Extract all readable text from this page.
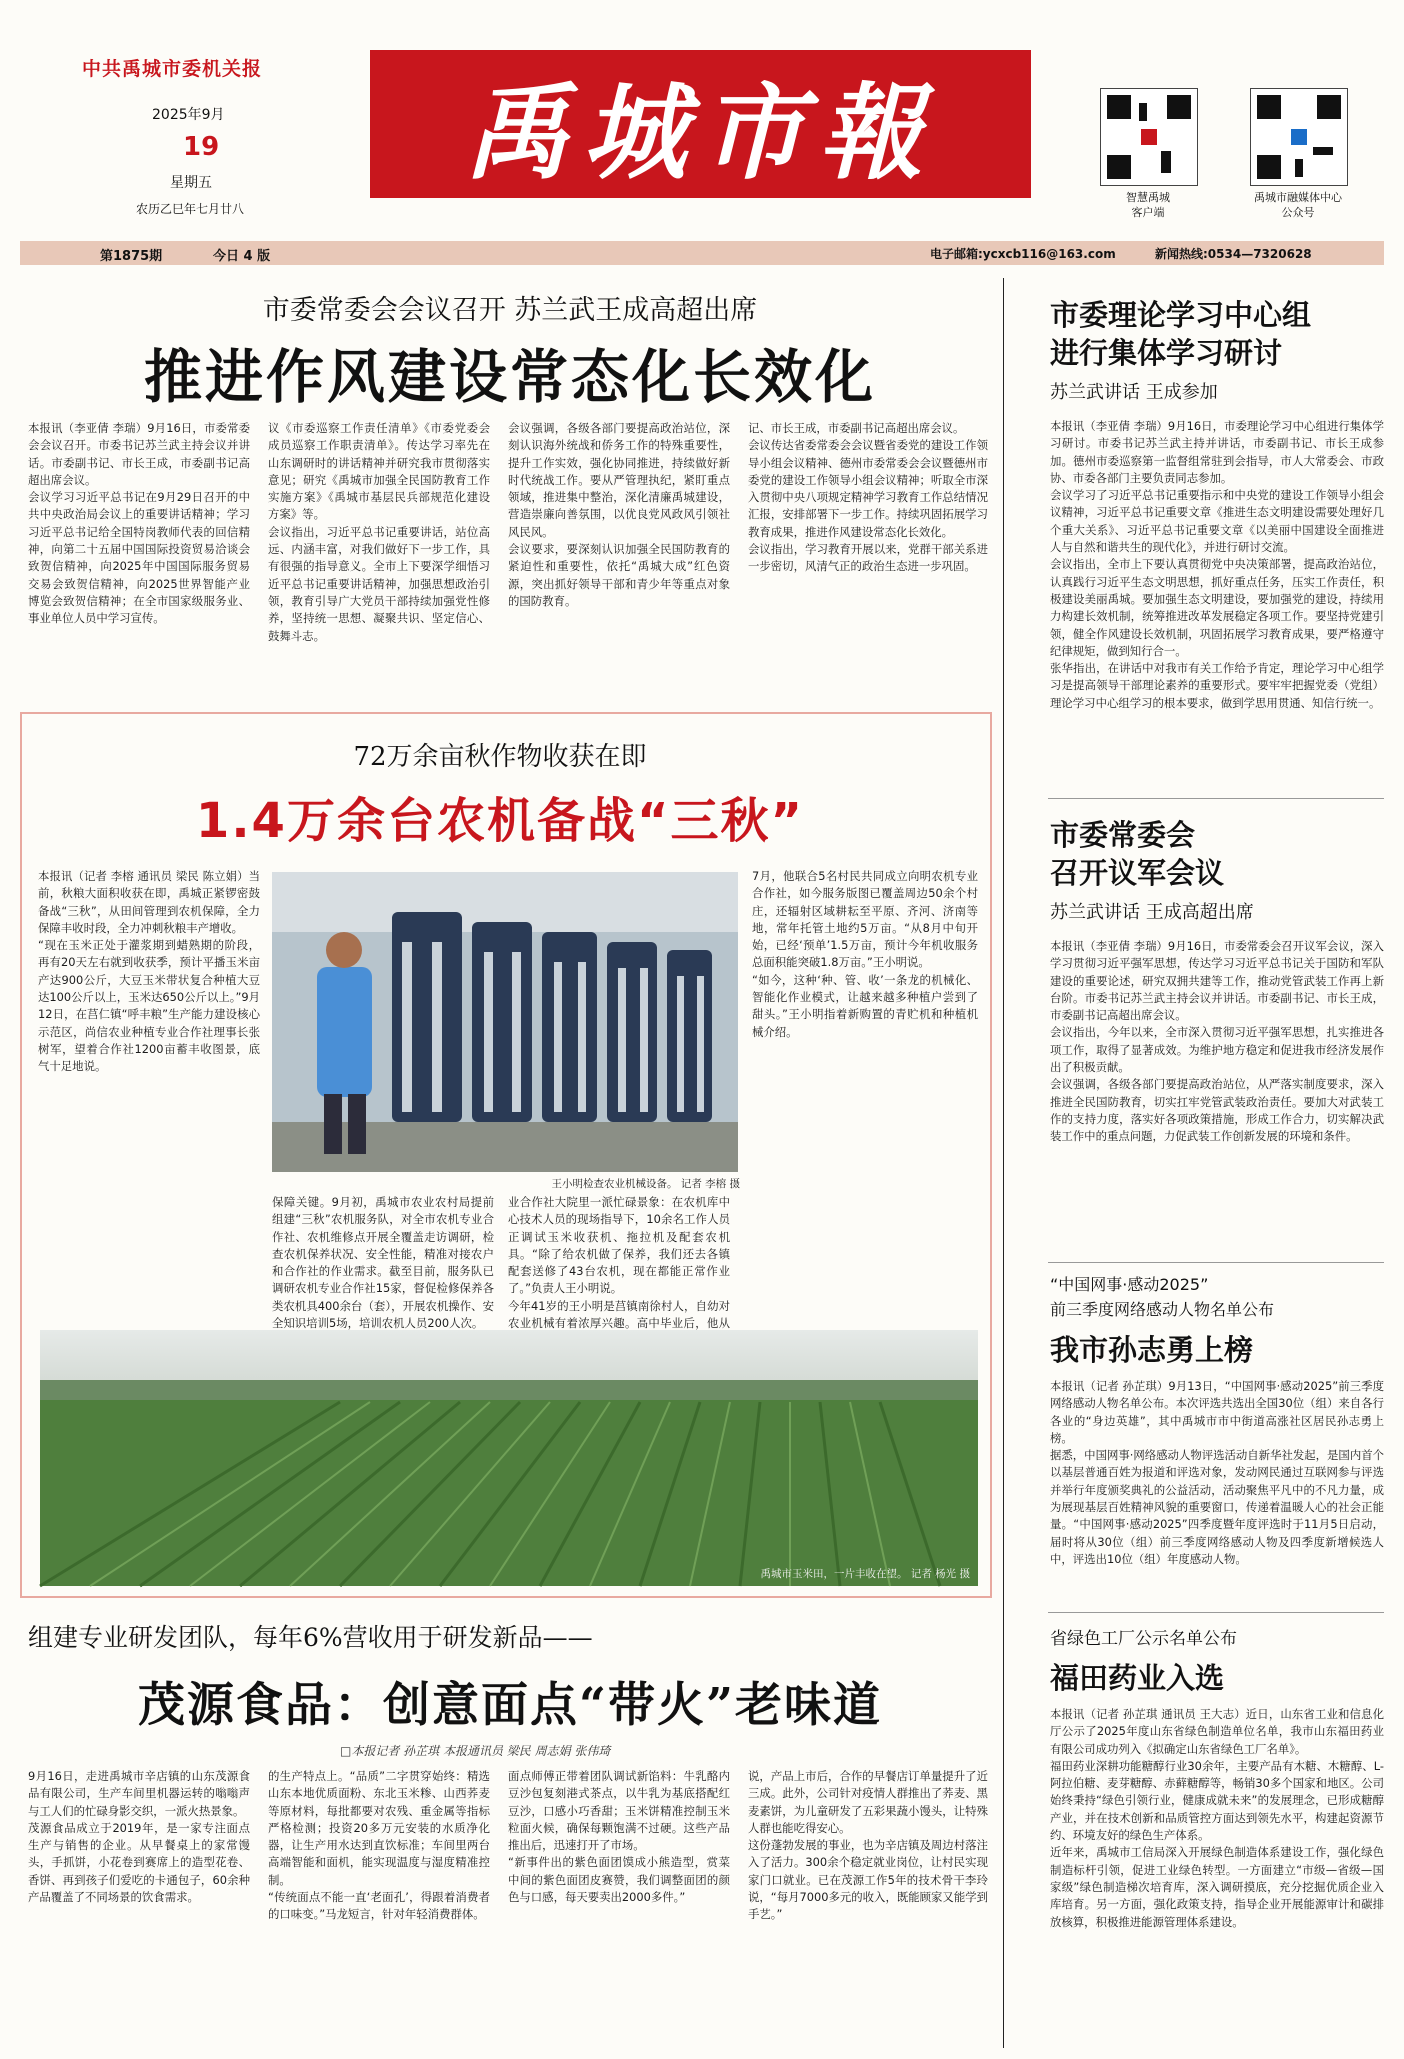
中共禹城市委机关报
2025年9月
19
星期五
农历乙巳年七月廿八
禹城市報
智慧禹城
客户端
禹城市融媒体中心
公众号
第1875期	今日 4 版	电子邮箱:ycxcb116@163.com	新闻热线:0534—7320628
市委常委会会议召开 苏兰武王成高超出席
推进作风建设常态化长效化
本报讯（李亚倩 李瑞）9月16日，市委常委会会议召开。市委书记苏兰武主持会议并讲话。市委副书记、市长王成，市委副书记高超出席会议。
会议学习习近平总书记在9月29日召开的中共中央政治局会议上的重要讲话精神；学习习近平总书记给全国特岗教师代表的回信精神，向第二十五届中国国际投资贸易洽谈会致贺信精神，向2025年中国国际服务贸易交易会致贺信精神，向2025世界智能产业博览会致贺信精神；在全市国家级服务业、事业单位人员中学习宣传。
议《市委巡察工作责任清单》《市委党委会成员巡察工作职责清单》。传达学习率先在山东调研时的讲话精神并研究我市贯彻落实意见；研究《禹城市加强全民国防教育工作实施方案》《禹城市基层民兵部规范化建设方案》等。
会议指出，习近平总书记重要讲话，站位高远、内涵丰富，对我们做好下一步工作，具有很强的指导意义。全市上下要深学细悟习近平总书记重要讲话精神，加强思想政治引领，教育引导广大党员干部持续加强党性修养，坚持统一思想、凝聚共识、坚定信心、鼓舞斗志。
会议强调，各级各部门要提高政治站位，深刻认识海外统战和侨务工作的特殊重要性，提升工作实效，强化协同推进，持续做好新时代统战工作。要从严管理执纪，紧盯重点领域，推进集中整治，深化清廉禹城建设，营造崇廉向善氛围，以优良党风政风引领社风民风。
会议要求，要深刻认识加强全民国防教育的紧迫性和重要性，依托“禹城大成”红色资源，突出抓好领导干部和青少年等重点对象的国防教育。
记、市长王成，市委副书记高超出席会议。
会议传达省委常委会会议暨省委党的建设工作领导小组会议精神、德州市委常委会会议暨德州市委党的建设工作领导小组会议精神；听取全市深入贯彻中央八项规定精神学习教育工作总结情况汇报，安排部署下一步工作。持续巩固拓展学习教育成果，推进作风建设常态化长效化。
会议指出，学习教育开展以来，党群干部关系进一步密切，风清气正的政治生态进一步巩固。
72万余亩秋作物收获在即
1.4万余台农机备战“三秋”
本报讯（记者 李榕 通讯员 梁民 陈立娟）当前，秋粮大面积收获在即，禹城正紧锣密鼓备战“三秋”，从田间管理到农机保障，全力保障丰收时段，全力冲刺秋粮丰产增收。
“现在玉米正处于灌浆期到蜡熟期的阶段，再有20天左右就到收获季，预计平播玉米亩产达900公斤，大豆玉米带状复合种植大豆达100公斤以上，玉米达650公斤以上。”9月12日，在莒仁镇“呼丰粮”生产能力建设核心示范区，尚信农业种植专业合作社理事长张树军，望着合作社1200亩蓄丰收图景，底气十足地说。
王小明检查农业机械设备。 记者 李榕 摄
保障关键。9月初，禹城市农业农村局提前组建“三秋”农机服务队，对全市农机专业合作社、农机维修点开展全覆盖走访调研，检查农机保养状况、安全性能，精准对接农户和合作社的作业需求。截至目前，服务队已调研农机专业合作社15家，督促检修保养各类农机具400余台（套），开展农机操作、安全知识培训5场，培训农机人员200人次。

业合作社大院里一派忙碌景象：在农机库中心技术人员的现场指导下，10余名工作人员正调试玉米收获机、拖拉机及配套农机具。“除了给农机做了保养，我们还去各镇配套送修了43台农机，现在都能正常作业了。”负责人王小明说。
今年41岁的王小明是莒镇南徐村人，自幼对农业机械有着浓厚兴趣。高中毕业后，他从
7月，他联合5名村民共同成立向明农机专业合作社，如今服务版图已覆盖周边50余个村庄，还辐射区域耕耘至平原、齐河、济南等地，常年托管土地约5万亩。“从8月中旬开始，已经‘预单’1.5万亩，预计今年机收服务总面积能突破1.8万亩。”王小明说。
“如今，这种‘种、管、收’一条龙的机械化、智能化作业模式，让越来越多种植户尝到了甜头。”王小明指着新购置的青贮机和种植机械介绍。
禹城市玉米田，一片丰收在望。 记者 杨光 摄
组建专业研发团队，每年6%营收用于研发新品——
茂源食品：创意面点“带火”老味道
□本报记者 孙芷琪 本报通讯员 梁民 周志娟 张伟琦
9月16日，走进禹城市辛店镇的山东茂源食品有限公司，生产车间里机器运转的嗡嗡声与工人们的忙碌身影交织，一派火热景象。
茂源食品成立于2019年，是一家专注面点生产与销售的企业。从早餐桌上的家常馒头，手抓饼，小花卷到赛席上的造型花卷、香饼、再到孩子们爱吃的卡通包子，60余种产品覆盖了不同场景的饮食需求。
的生产特点上。“品质”二字贯穿始终：精选山东本地优质面粉、东北玉米糁、山西荞麦等原材料，每批都要对农残、重金属等指标严格检测；投资20多万元安装的水质净化器，让生产用水达到直饮标准；车间里两台高端智能和面机，能实现温度与湿度精准控制。
“传统面点不能一直‘老面孔’，得跟着消费者的口味变。”马龙短言，针对年轻消费群体。
面点师傅正带着团队调试新馅料：牛乳酪内豆沙包复刻港式茶点，以牛乳为基底搭配红豆沙，口感小巧香甜；玉米饼精准控制玉米粒面火候，确保每颗饱满不过硬。这些产品推出后，迅速打开了市场。
“新事件出的紫色面团馍成小熊造型，赏菜中间的紫色面团皮赛赞，我们调整面团的颜色与口感，每天要卖出2000多件。”
说，产品上市后，合作的早餐店订单量提升了近三成。此外，公司针对疫情人群推出了荞麦、黑麦素饼，为儿童研发了五彩果蔬小馒头，让特殊人群也能吃得安心。
这份蓬勃发展的事业，也为辛店镇及周边村落注入了活力。300余个稳定就业岗位，让村民实现家门口就业。已在茂源工作5年的技术骨干李玲说，“每月7000多元的收入，既能顾家又能学到手艺。”
市委理论学习中心组
进行集体学习研讨
苏兰武讲话 王成参加
本报讯（李亚倩 李瑞）9月16日，市委理论学习中心组进行集体学习研讨。市委书记苏兰武主持并讲话，市委副书记、市长王成参加。德州市委巡察第一监督组常驻到会指导，市人大常委会、市政协、市委各部门主要负责同志参加。
会议学习了习近平总书记重要指示和中央党的建设工作领导小组会议精神，习近平总书记重要文章《推进生态文明建设需要处理好几个重大关系》、习近平总书记重要文章《以美丽中国建设全面推进人与自然和谐共生的现代化》，并进行研讨交流。
会议指出，全市上下要认真贯彻党中央决策部署，提高政治站位，认真践行习近平生态文明思想，抓好重点任务，压实工作责任，积极建设美丽禹城。要加强生态文明建设，要加强党的建设，持续用力构建长效机制，统筹推进改革发展稳定各项工作。要坚持党建引领，健全作风建设长效机制，巩固拓展学习教育成果，要严格遵守纪律规矩，做到知行合一。
张华指出，在讲话中对我市有关工作给予肯定，理论学习中心组学习是提高领导干部理论素养的重要形式。要牢牢把握党委（党组）理论学习中心组学习的根本要求，做到学思用贯通、知信行统一。
市委常委会
召开议军会议
苏兰武讲话 王成高超出席
本报讯（李亚倩 李瑞）9月16日，市委常委会召开议军会议，深入学习贯彻习近平强军思想，传达学习习近平总书记关于国防和军队建设的重要论述，研究双拥共建等工作，推动党管武装工作再上新台阶。市委书记苏兰武主持会议并讲话。市委副书记、市长王成，市委副书记高超出席会议。
会议指出，今年以来，全市深入贯彻习近平强军思想，扎实推进各项工作，取得了显著成效。为维护地方稳定和促进我市经济发展作出了积极贡献。
会议强调，各级各部门要提高政治站位，从严落实制度要求，深入推进全民国防教育，切实扛牢党管武装政治责任。要加大对武装工作的支持力度，落实好各项政策措施，形成工作合力，切实解决武装工作中的重点问题，力促武装工作创新发展的环境和条件。
“中国网事·感动2025”
前三季度网络感动人物名单公布
我市孙志勇上榜
本报讯（记者 孙芷琪）9月13日，“中国网事·感动2025”前三季度网络感动人物名单公布。本次评选共选出全国30位（组）来自各行各业的“身边英雄”，其中禹城市市中街道高涨社区居民孙志勇上榜。
据悉，中国网事·网络感动人物评选活动自新华社发起，是国内首个以基层普通百姓为报道和评选对象，发动网民通过互联网参与评选并举行年度颁奖典礼的公益活动，活动聚焦平凡中的不凡力量，成为展现基层百姓精神风貌的重要窗口，传递着温暖人心的社会正能量。“中国网事·感动2025”四季度暨年度评选时于11月5日启动，届时将从30位（组）前三季度网络感动人物及四季度新增候选人中，评选出10位（组）年度感动人物。
省绿色工厂公示名单公布
福田药业入选
本报讯（记者 孙芷琪 通讯员 王大志）近日，山东省工业和信息化厅公示了2025年度山东省绿色制造单位名单，我市山东福田药业有限公司成功列入《拟确定山东省绿色工厂名单》。
福田药业深耕功能糖醇行业30余年，主要产品有木糖、木糖醇、L-阿拉伯糖、麦芽糖醇、赤藓糖醇等，畅销30多个国家和地区。公司始终秉持“绿色引领行业，健康成就未来”的发展理念，已形成糖醇产业，并在技术创新和品质管控方面达到领先水平，构建起资源节约、环境友好的绿色生产体系。
近年来，禹城市工信局深入开展绿色制造体系建设工作，强化绿色制造标杆引领，促进工业绿色转型。一方面建立“市级—省级—国家级”绿色制造梯次培育库，深入调研摸底，充分挖掘优质企业入库培育。另一方面，强化政策支持，指导企业开展能源审计和碳排放核算，积极推进能源管理体系建设。
